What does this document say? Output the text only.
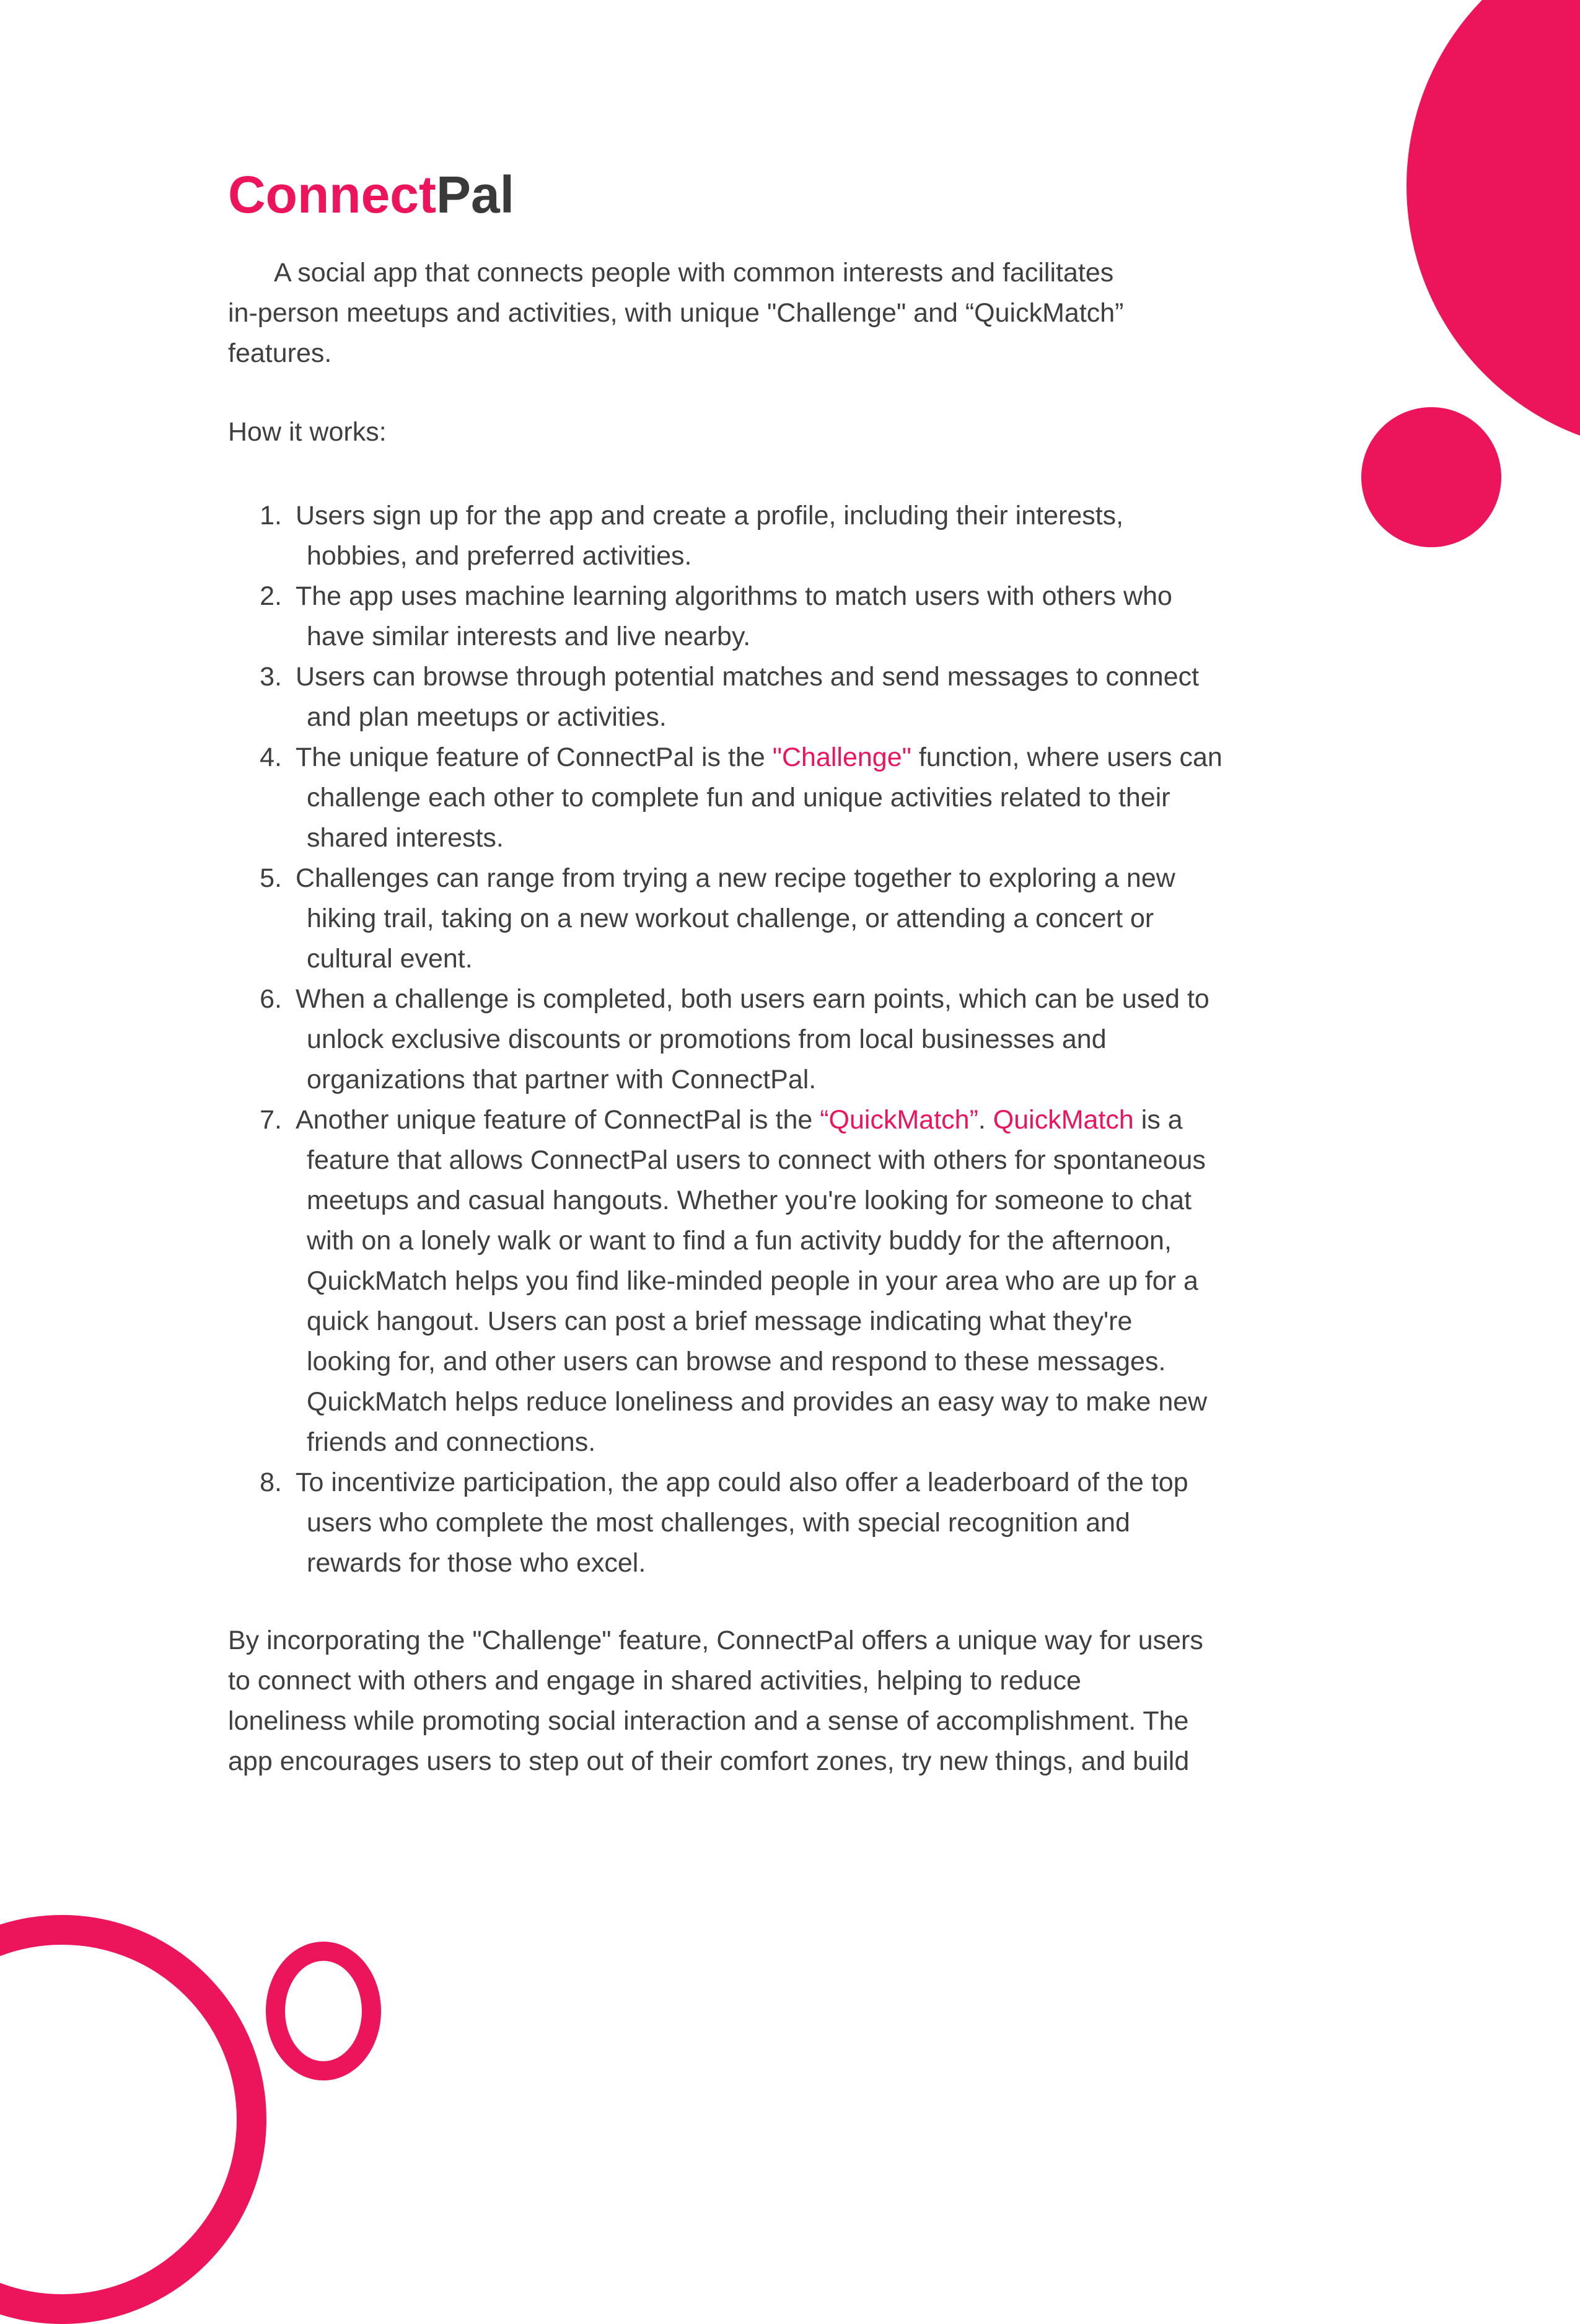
ConnectPal
A social app that connects people with common interests and facilitates
in-person meetups and activities, with unique "Challenge" and “QuickMatch”
features.
How it works:
1. Users sign up for the app and create a profile, including their interests,
hobbies, and preferred activities.
2. The app uses machine learning algorithms to match users with others who
have similar interests and live nearby.
3. Users can browse through potential matches and send messages to connect
and plan meetups or activities.
4. The unique feature of ConnectPal is the "Challenge" function, where users can
challenge each other to complete fun and unique activities related to their
shared interests.
5. Challenges can range from trying a new recipe together to exploring a new
hiking trail, taking on a new workout challenge, or attending a concert or
cultural event.
6. When a challenge is completed, both users earn points, which can be used to
unlock exclusive discounts or promotions from local businesses and
organizations that partner with ConnectPal.
7. Another unique feature of ConnectPal is the “QuickMatch”. QuickMatch is a
feature that allows ConnectPal users to connect with others for spontaneous
meetups and casual hangouts. Whether you're looking for someone to chat
with on a lonely walk or want to find a fun activity buddy for the afternoon,
QuickMatch helps you find like-minded people in your area who are up for a
quick hangout. Users can post a brief message indicating what they're
looking for, and other users can browse and respond to these messages.
QuickMatch helps reduce loneliness and provides an easy way to make new
friends and connections.
8. To incentivize participation, the app could also offer a leaderboard of the top
users who complete the most challenges, with special recognition and
rewards for those who excel.
By incorporating the "Challenge" feature, ConnectPal offers a unique way for users
to connect with others and engage in shared activities, helping to reduce
loneliness while promoting social interaction and a sense of accomplishment. The
app encourages users to step out of their comfort zones, try new things, and build
